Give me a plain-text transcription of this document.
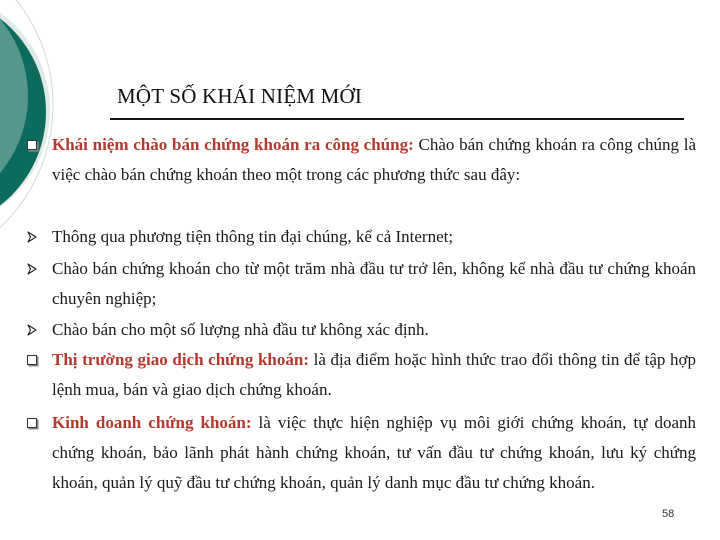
MỘT SỐ KHÁI NIỆM MỚI
Khái niệm chào bán chứng khoán ra công chúng: Chào bán chứng khoán ra công chúng là việc chào bán chứng khoán theo một trong các phương thức sau đây:
Thông qua phương tiện thông tin đại chúng, kể cả Internet;
Chào bán chứng khoán cho từ một trăm nhà đầu tư trở lên, không kể nhà đầu tư chứng khoán chuyên nghiệp;
Chào bán cho một số lượng nhà đầu tư không xác định.
Thị trường giao dịch chứng khoán: là địa điểm hoặc hình thức trao đổi thông tin để tập hợp lệnh mua, bán và giao dịch chứng khoán.
Kinh doanh chứng khoán: là việc thực hiện nghiệp vụ môi giới chứng khoán, tự doanh chứng khoán, bảo lãnh phát hành chứng khoán, tư vấn đầu tư chứng khoán, lưu ký chứng khoán, quản lý quỹ đầu tư chứng khoán, quản lý danh mục đầu tư chứng khoán.
58
